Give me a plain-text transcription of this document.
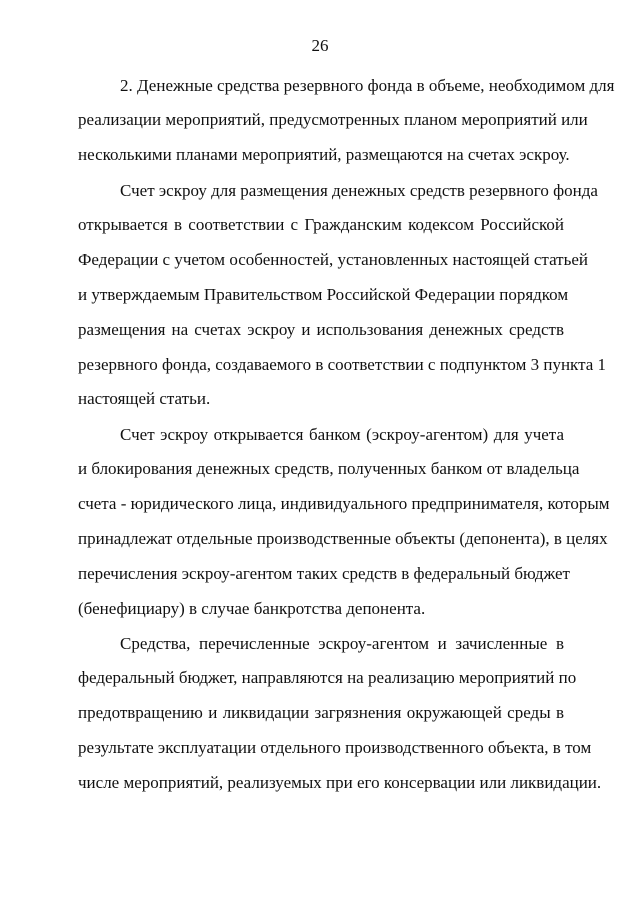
26
2. Денежные средства резервного фонда в объеме, необходимом для
реализации мероприятий, предусмотренных планом мероприятий или
несколькими планами мероприятий, размещаются на счетах эскроу.
Счет эскроу для размещения денежных средств резервного фонда
открывается в соответствии с Гражданским кодексом Российской
Федерации с учетом особенностей, установленных настоящей статьей
и утверждаемым Правительством Российской Федерации порядком
размещения на счетах эскроу и использования денежных средств
резервного фонда, создаваемого в соответствии с подпунктом 3 пункта 1
настоящей статьи.
Счет эскроу открывается банком (эскроу-агентом) для учета
и блокирования денежных средств, полученных банком от владельца
счета - юридического лица, индивидуального предпринимателя, которым
принадлежат отдельные производственные объекты (депонента), в целях
перечисления эскроу-агентом таких средств в федеральный бюджет
(бенефициару) в случае банкротства депонента.
Средства, перечисленные эскроу-агентом и зачисленные в
федеральный бюджет, направляются на реализацию мероприятий по
предотвращению и ликвидации загрязнения окружающей среды в
результате эксплуатации отдельного производственного объекта, в том
числе мероприятий, реализуемых при его консервации или ликвидации.
